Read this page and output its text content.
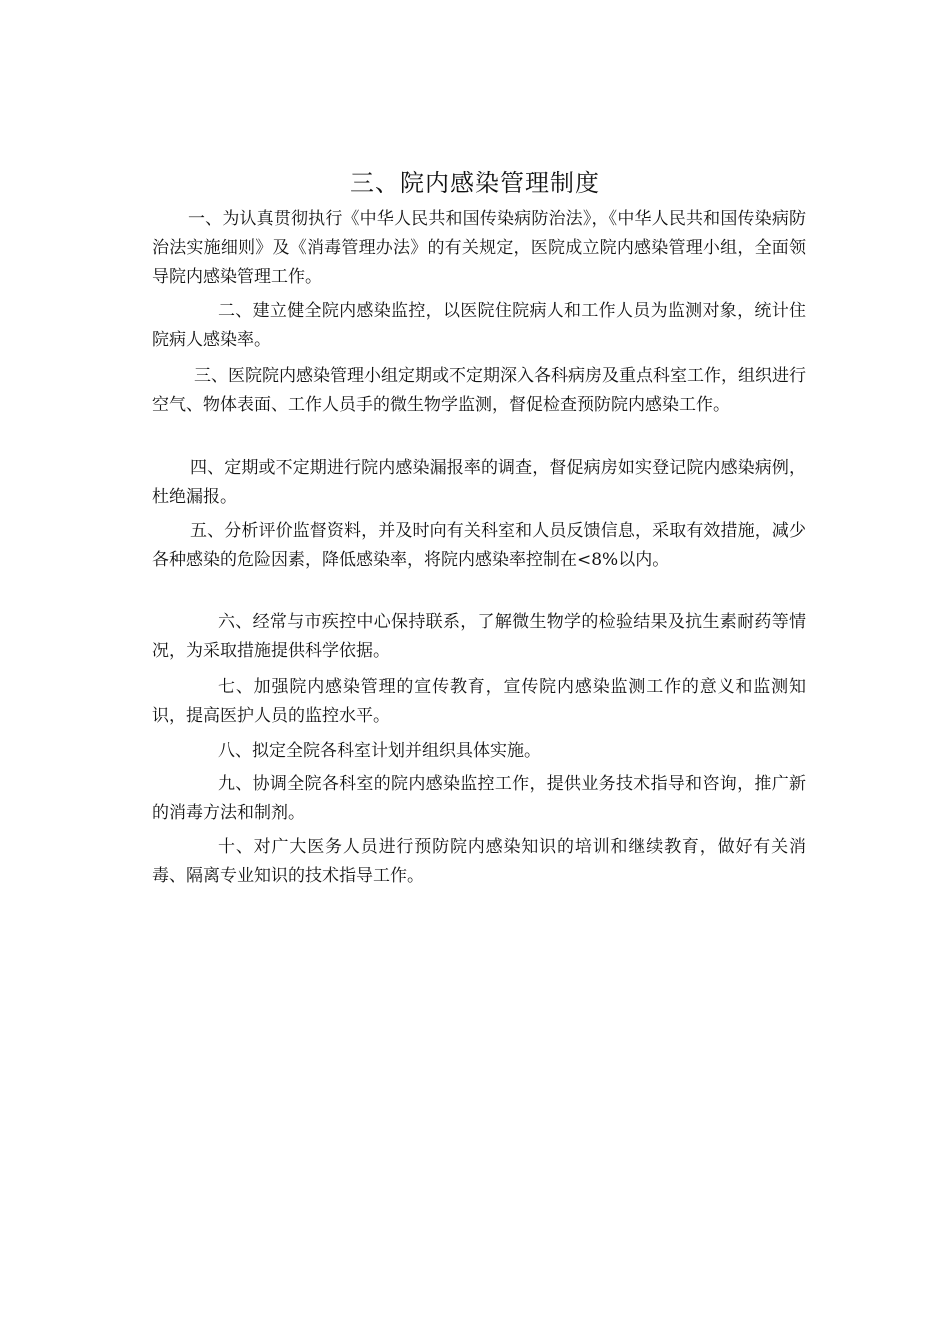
三、院内感染管理制度

一、为认真贯彻执行《中华人民共和国传染病防治法》，《中华人民共和国传染病防治法实施细则》及《消毒管理办法》的有关规定，医院成立院内感染管理小组，全面领导院内感染管理工作。

二、建立健全院内感染监控，以医院住院病人和工作人员为监测对象，统计住院病人感染率。

三、医院院内感染管理小组定期或不定期深入各科病房及重点科室工作，组织进行空气、物体表面、工作人员手的微生物学监测，督促检查预防院内感染工作。

四、定期或不定期进行院内感染漏报率的调查，督促病房如实登记院内感染病例，杜绝漏报。

五、分析评价监督资料，并及时向有关科室和人员反馈信息，采取有效措施，减少各种感染的危险因素，降低感染率，将院内感染率控制在<8%以内。

六、经常与市疾控中心保持联系，了解微生物学的检验结果及抗生素耐药等情况，为采取措施提供科学依据。

七、加强院内感染管理的宣传教育，宣传院内感染监测工作的意义和监测知识，提高医护人员的监控水平。

八、拟定全院各科室计划并组织具体实施。

九、协调全院各科室的院内感染监控工作，提供业务技术指导和咨询，推广新的消毒方法和制剂。

十、对广大医务人员进行预防院内感染知识的培训和继续教育，做好有关消毒、隔离专业知识的技术指导工作。
